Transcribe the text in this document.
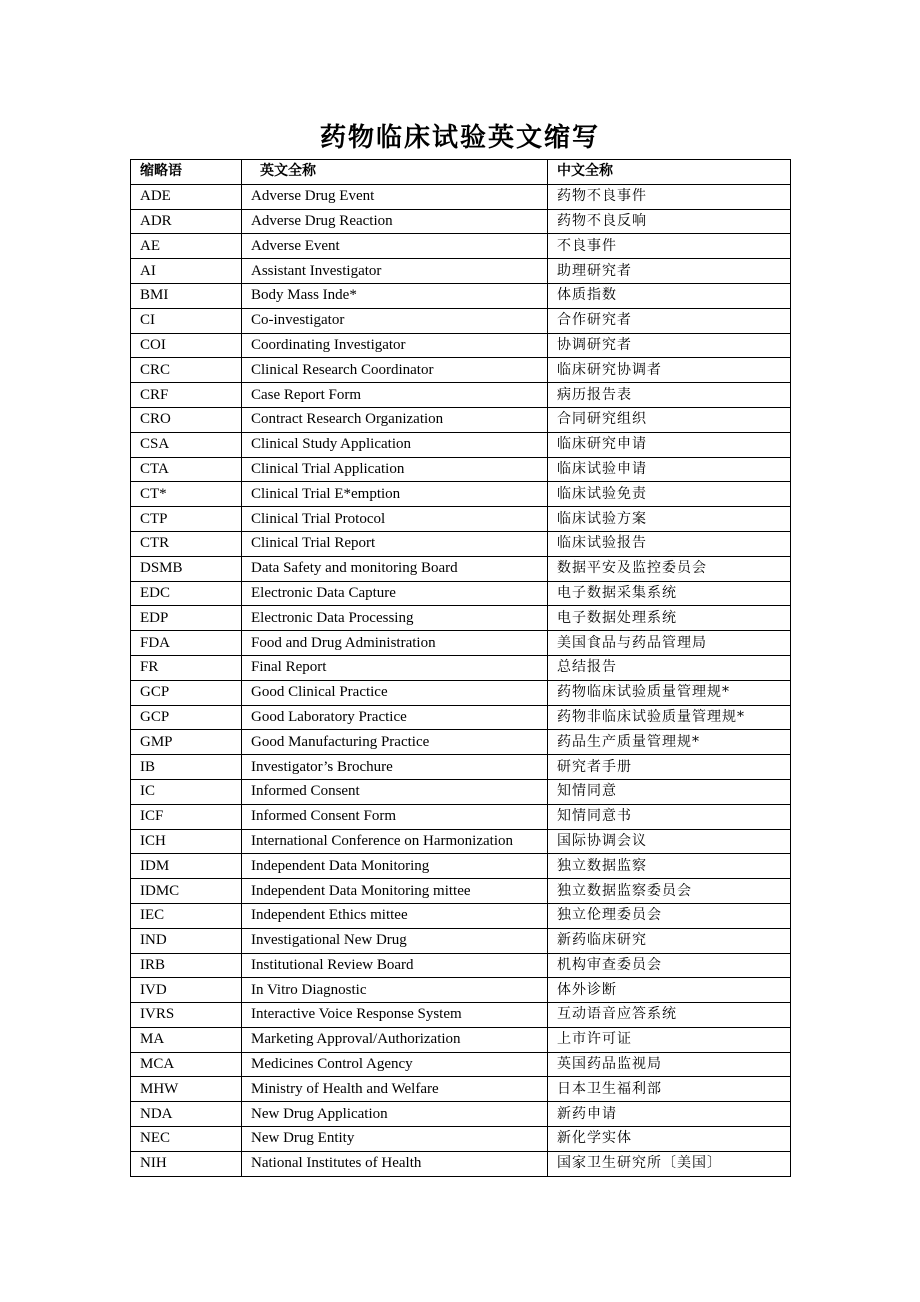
药物临床试验英文缩写
缩略语	英文全称	中文全称
ADE	Adverse Drug Event	药物不良事件
ADR	Adverse Drug Reaction	药物不良反响
AE	Adverse Event	不良事件
AI	Assistant Investigator	助理研究者
BMI	Body Mass Inde*	体质指数
CI	Co-investigator	合作研究者
COI	Coordinating Investigator	协调研究者
CRC	Clinical Research Coordinator	临床研究协调者
CRF	Case Report Form	病历报告表
CRO	Contract Research Organization	合同研究组织
CSA	Clinical Study Application	临床研究申请
CTA	Clinical Trial Application	临床试验申请
CT*	Clinical Trial E*emption	临床试验免责
CTP	Clinical Trial Protocol	临床试验方案
CTR	Clinical Trial Report	临床试验报告
DSMB	Data Safety and monitoring Board	数据平安及监控委员会
EDC	Electronic Data Capture	电子数据采集系统
EDP	Electronic Data Processing	电子数据处理系统
FDA	Food and Drug Administration	美国食品与药品管理局
FR	Final Report	总结报告
GCP	Good Clinical Practice	药物临床试验质量管理规*
GCP	Good Laboratory Practice	药物非临床试验质量管理规*
GMP	Good Manufacturing Practice	药品生产质量管理规*
IB	Investigator’s Brochure	研究者手册
IC	Informed Consent	知情同意
ICF	Informed Consent Form	知情同意书
ICH	International Conference on Harmonization	国际协调会议
IDM	Independent Data Monitoring	独立数据监察
IDMC	Independent Data Monitoring mittee	独立数据监察委员会
IEC	Independent Ethics mittee	独立伦理委员会
IND	Investigational New Drug	新药临床研究
IRB	Institutional Review Board	机构审查委员会
IVD	In Vitro Diagnostic	体外诊断
IVRS	Interactive Voice Response System	互动语音应答系统
MA	Marketing Approval/Authorization	上市许可证
MCA	Medicines Control Agency	英国药品监视局
MHW	Ministry of Health and Welfare	日本卫生福利部
NDA	New Drug Application	新药申请
NEC	New Drug Entity	新化学实体
NIH	National Institutes of Health	国家卫生研究所〔美国〕
